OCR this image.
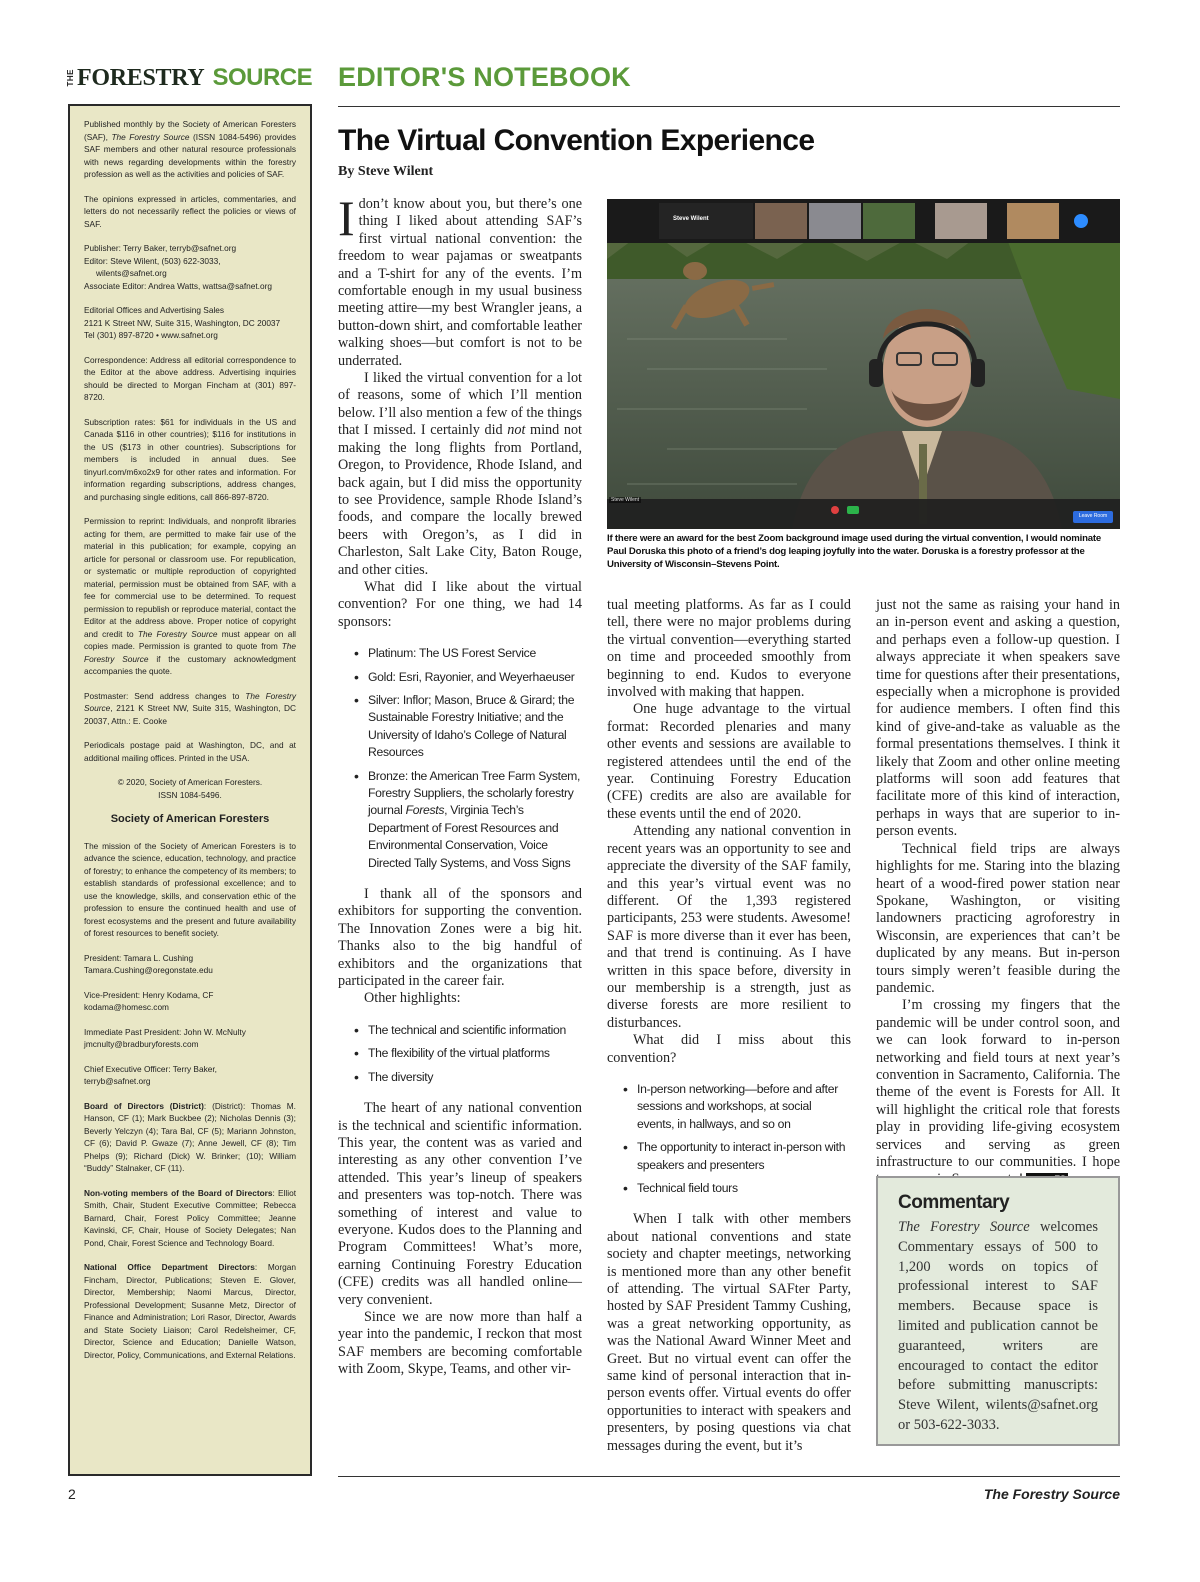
THE FORESTRY SOURCE EDITOR'S NOTEBOOK

Published monthly by the Society of American Foresters (SAF), The Forestry Source (ISSN 1084-5496) provides SAF members and other natural resource professionals with news regarding developments within the forestry profession as well as the activities and policies of SAF.

The opinions expressed in articles, commentaries, and letters do not necessarily reflect the policies or views of SAF.

Publisher: Terry Baker, terryb@safnet.org
Editor: Steve Wilent, (503) 622-3033,
wilents@safnet.org
Associate Editor: Andrea Watts, wattsa@safnet.org

Editorial Offices and Advertising Sales
2121 K Street NW, Suite 315, Washington, DC 20037
Tel (301) 897-8720 • www.safnet.org

Correspondence: Address all editorial correspondence to the Editor at the above address. Advertising inquiries should be directed to Morgan Fincham at (301) 897-8720.

Subscription rates: $61 for individuals in the US and Canada $116 in other countries); $116 for institutions in the US ($173 in other countries). Subscriptions for members is included in annual dues. See tinyurl.com/m6xo2x9 for other rates and information. For information regarding subscriptions, address changes, and purchasing single editions, call 866-897-8720.

Permission to reprint: Individuals, and nonprofit libraries acting for them, are permitted to make fair use of the material in this publication; for example, copying an article for personal or classroom use. For republication, or systematic or multiple reproduction of copyrighted material, permission must be obtained from SAF, with a fee for commercial use to be determined. To request permission to republish or reproduce material, contact the Editor at the address above. Proper notice of copyright and credit to The Forestry Source must appear on all copies made. Permission is granted to quote from The Forestry Source if the customary acknowledgment accompanies the quote.

Postmaster: Send address changes to The Forestry Source, 2121 K Street NW, Suite 315, Washington, DC 20037, Attn.: E. Cooke

Periodicals postage paid at Washington, DC, and at additional mailing offices. Printed in the USA.

© 2020, Society of American Foresters.
ISSN 1084-5496.

Society of American Foresters

The mission of the Society of American Foresters is to advance the science, education, technology, and practice of forestry; to enhance the competency of its members; to establish standards of professional excellence; and to use the knowledge, skills, and conservation ethic of the profession to ensure the continued health and use of forest ecosystems and the present and future availability of forest resources to benefit society.

President: Tamara L. Cushing
Tamara.Cushing@oregonstate.edu

Vice-President: Henry Kodama, CF
kodama@homesc.com

Immediate Past President: John W. McNulty
jmcnulty@bradburyforests.com

Chief Executive Officer: Terry Baker,
terryb@safnet.org

Board of Directors (District): (District): Thomas M. Hanson, CF (1); Mark Buckbee (2); Nicholas Dennis (3); Beverly Yelczyn (4); Tara Bal, CF (5); Mariann Johnston, CF (6); David P. Gwaze (7); Anne Jewell, CF (8); Tim Phelps (9); Richard (Dick) W. Brinker; (10); William “Buddy” Stalnaker, CF (11).

Non-voting members of the Board of Directors: Elliot Smith, Chair, Student Executive Committee; Rebecca Barnard, Chair, Forest Policy Committee; Jeanne Kavinski, CF, Chair, House of Society Delegates; Nan Pond, Chair, Forest Science and Technology Board.

National Office Department Directors: Morgan Fincham, Director, Publications; Steven E. Glover, Director, Membership; Naomi Marcus, Director, Professional Development; Susanne Metz, Director of Finance and Administration; Lori Rasor, Director, Awards and State Society Liaison; Carol Redelsheimer, CF, Director, Science and Education; Danielle Watson, Director, Policy, Communications, and External Relations.

The Virtual Convention Experience
By Steve Wilent

Idon’t know about you, but there’s one thing I liked about attending SAF’s first virtual national convention: the freedom to wear pajamas or sweatpants and a T-shirt for any of the events. I’m comfortable enough in my usual business meeting attire—my best Wrangler jeans, a button-down shirt, and comfortable leather walking shoes—but comfort is not to be underrated.

I liked the virtual convention for a lot of reasons, some of which I’ll mention below. I’ll also mention a few of the things that I missed. I certainly did not mind not making the long flights from Portland, Oregon, to Providence, Rhode Island, and back again, but I did miss the opportunity to see Providence, sample Rhode Island’s foods, and compare the locally brewed beers with Oregon’s, as I did in Charleston, Salt Lake City, Baton Rouge, and other cities.

What did I like about the virtual convention? For one thing, we had 14 sponsors:

• Platinum: The US Forest Service
• Gold: Esri, Rayonier, and Weyerhaeuser
• Silver: Inflor; Mason, Bruce & Girard; the Sustainable Forestry Initiative; and the University of Idaho’s College of Natural Resources
• Bronze: the American Tree Farm System, Forestry Suppliers, the scholarly forestry journal Forests, Virginia Tech’s Department of Forest Resources and Environmental Conservation, Voice Directed Tally Systems, and Voss Signs

I thank all of the sponsors and exhibitors for supporting the convention. The Innovation Zones were a big hit. Thanks also to the big handful of exhibitors and the organizations that participated in the career fair.

Other highlights:

• The technical and scientific information
• The flexibility of the virtual platforms
• The diversity

The heart of any national convention is the technical and scientific information. This year, the content was as varied and interesting as any other convention I’ve attended. This year’s lineup of speakers and presenters was top-notch. There was something of interest and value to everyone. Kudos does to the Planning and Program Committees! What’s more, earning Continuing Forestry Education (CFE) credits was all handled online—very convenient.

Since we are now more than half a year into the pandemic, I reckon that most SAF members are becoming comfortable with Zoom, Skype, Teams, and other vir-

Steve Wilent
Steve Wilent
Leave Room
If there were an award for the best Zoom background image used during the virtual convention, I would nominate Paul Doruska this photo of a friend’s dog leaping joyfully into the water. Doruska is a forestry professor at the University of Wisconsin–Stevens Point.

tual meeting platforms. As far as I could tell, there were no major problems during the virtual convention—everything started on time and proceeded smoothly from beginning to end. Kudos to everyone involved with making that happen.

One huge advantage to the virtual format: Recorded plenaries and many other events and sessions are available to registered attendees until the end of the year. Continuing Forestry Education (CFE) credits are also are available for these events until the end of 2020.

Attending any national convention in recent years was an opportunity to see and appreciate the diversity of the SAF family, and this year’s virtual event was no different. Of the 1,393 registered participants, 253 were students. Awesome! SAF is more diverse than it ever has been, and that trend is continuing. As I have written in this space before, diversity in our membership is a strength, just as diverse forests are more resilient to disturbances.

What did I miss about this convention?

• In-person networking—before and after sessions and workshops, at social events, in hallways, and so on
• The opportunity to interact in-person with speakers and presenters
• Technical field tours

When I talk with other members about national conventions and state society and chapter meetings, networking is mentioned more than any other benefit of attending. The virtual SAFter Party, hosted by SAF President Tammy Cushing, was a great networking opportunity, as was the National Award Winner Meet and Greet. But no virtual event can offer the same kind of personal interaction that in-person events offer. Virtual events do offer opportunities to interact with speakers and presenters, by posing questions via chat messages during the event, but it’s

just not the same as raising your hand in an in-person event and asking a question, and perhaps even a follow-up question. I always appreciate it when speakers save time for questions after their presentations, especially when a microphone is provided for audience members. I often find this kind of give-and-take as valuable as the formal presentations themselves. I think it likely that Zoom and other online meeting platforms will soon add features that facilitate more of this kind of interaction, perhaps in ways that are superior to in-person events.

Technical field trips are always highlights for me. Staring into the blazing heart of a wood-fired power station near Spokane, Washington, or visiting landowners practicing agroforestry in Wisconsin, are experiences that can’t be duplicated by any means. But in-person tours simply weren’t feasible during the pandemic.

I’m crossing my fingers that the pandemic will be under control soon, and we can look forward to in-person networking and field tours at next year’s convention in Sacramento, California. The theme of the event is Forests for All. It will highlight the critical role that forests play in providing life-giving ecosystem services and serving as green infrastructure to our communities. I hope

Commentary

The Forestry Source welcomes Commentary essays of 500 to 1,200 words on topics of professional interest to SAF members. Because space is limited and publication cannot be guaranteed, writers are encouraged to contact the editor before submitting manuscripts: Steve Wilent, wilents@safnet.org or 503-622-3033.

2	The Forestry Source
